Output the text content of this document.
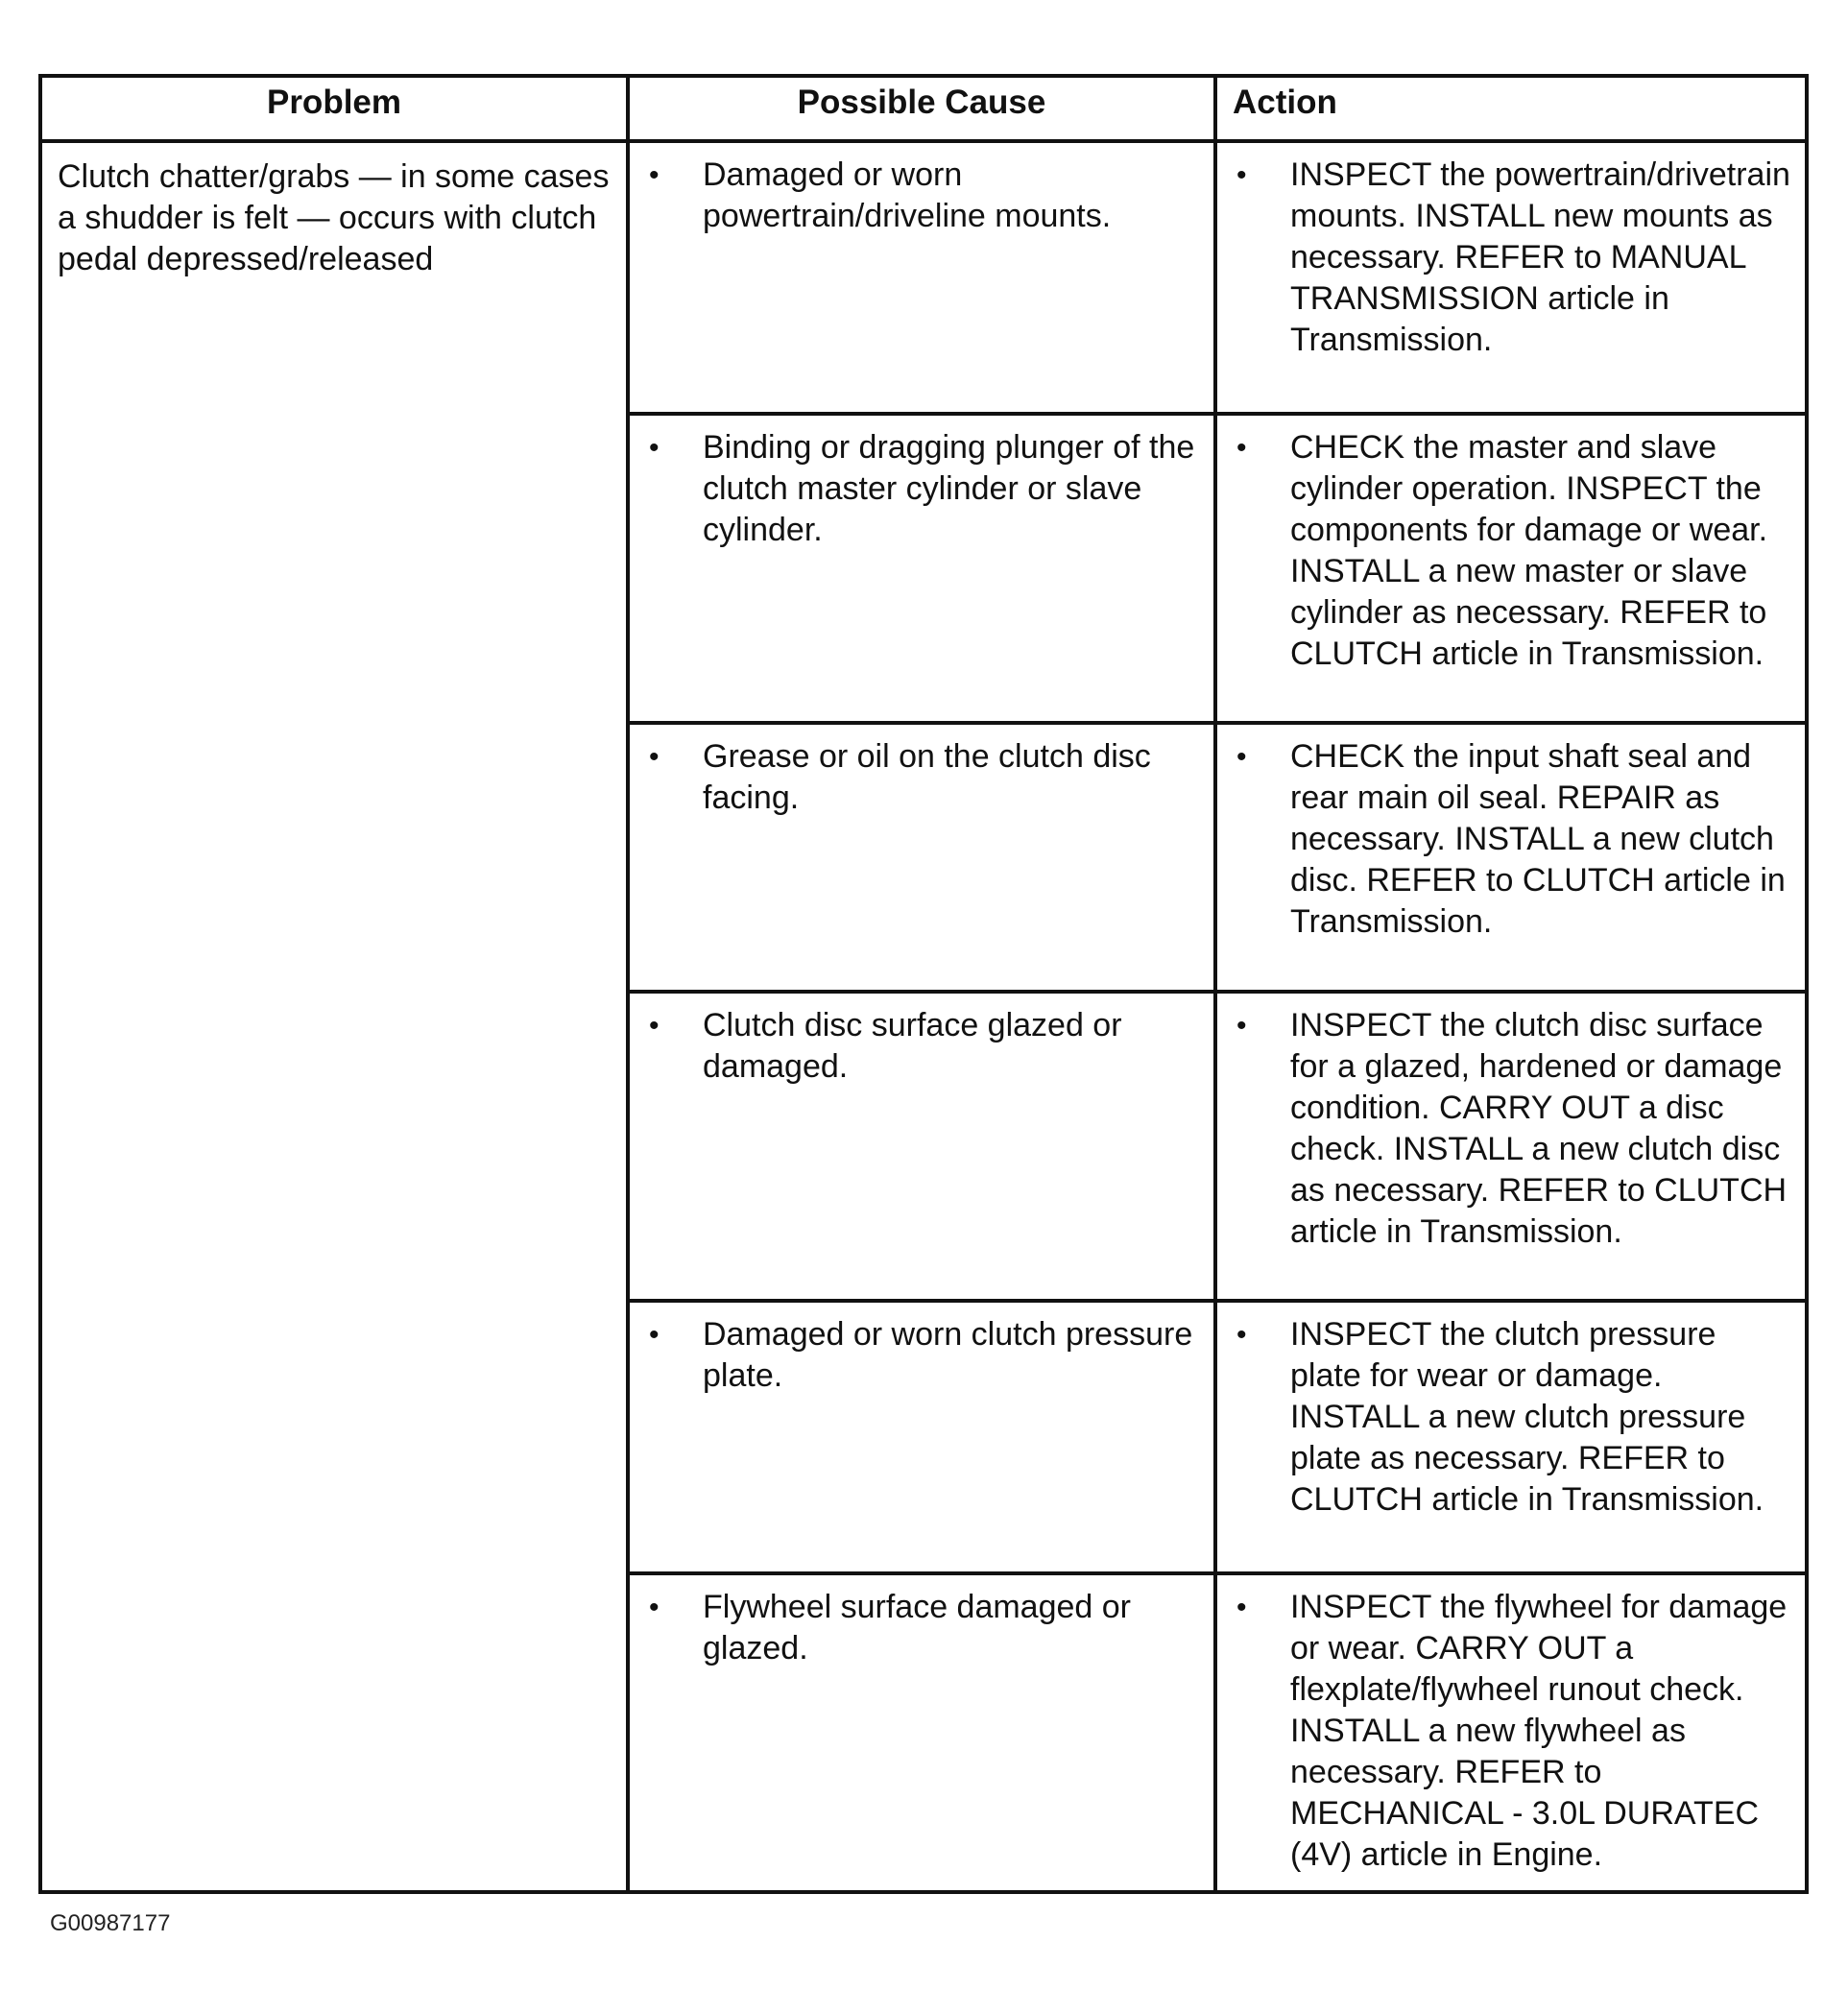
Problem	Possible Cause	Action
Clutch chatter/grabs — in some cases a shudder is felt — occurs with clutch pedal depressed/released	• Damaged or worn powertrain/driveline mounts.	• INSPECT the powertrain/drivetrain mounts. INSTALL new mounts as necessary. REFER to MANUAL TRANSMISSION article in Transmission.

	• Binding or dragging plunger of the clutch master cylinder or slave cylinder.	• CHECK the master and slave cylinder operation. INSPECT the components for damage or wear. INSTALL a new master or slave cylinder as necessary. REFER to CLUTCH article in Transmission.

	• Grease or oil on the clutch disc facing.	• CHECK the input shaft seal and rear main oil seal. REPAIR as necessary. INSTALL a new clutch disc. REFER to CLUTCH article in Transmission.

	• Clutch disc surface glazed or damaged.	• INSPECT the clutch disc surface for a glazed, hardened or damage condition. CARRY OUT a disc check. INSTALL a new clutch disc as necessary. REFER to CLUTCH article in Transmission.

	• Damaged or worn clutch pressure plate.	• INSPECT the clutch pressure plate for wear or damage. INSTALL a new clutch pressure plate as necessary. REFER to CLUTCH article in Transmission.

	• Flywheel surface damaged or glazed.	• INSPECT the flywheel for damage or wear. CARRY OUT a flexplate/flywheel runout check. INSTALL a new flywheel as necessary. REFER to MECHANICAL - 3.0L DURATEC (4V) article in Engine.
G00987177
